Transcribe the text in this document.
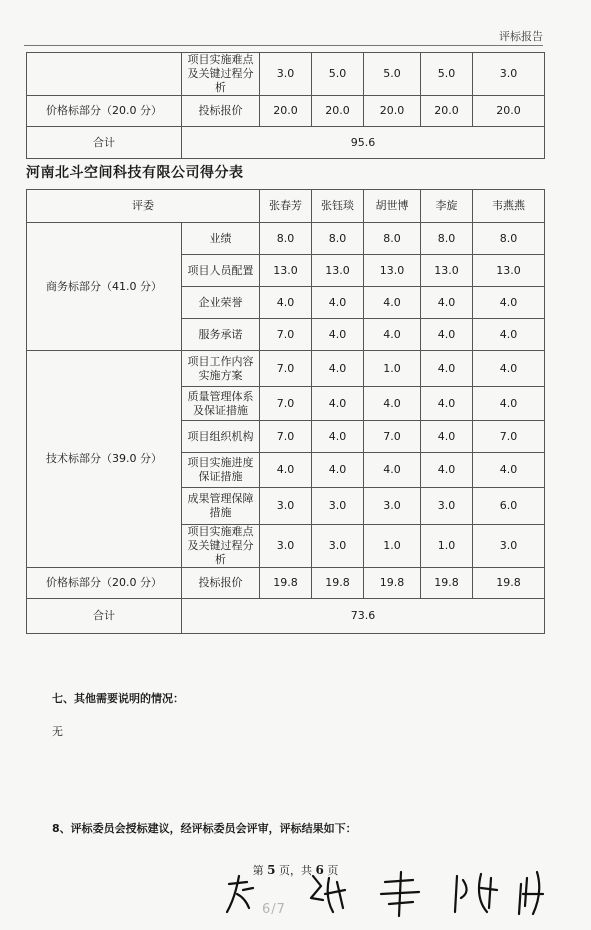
评标报告
	项目实施难点及关键过程分析	3.0	5.0	5.0	5.0	3.0
价格标部分（20.0 分）	投标报价	20.0	20.0	20.0	20.0	20.0
合计	95.6					
河南北斗空间科技有限公司得分表
评委		张春芳	张钰琰	胡世博	李旋	韦燕燕
商务标部分（41.0 分）	业绩	8.0	8.0	8.0	8.0	8.0
	项目人员配置	13.0	13.0	13.0	13.0	13.0
	企业荣誉	4.0	4.0	4.0	4.0	4.0
	服务承诺	7.0	4.0	4.0	4.0	4.0
技术标部分（39.0 分）	项目工作内容实施方案	7.0	4.0	1.0	4.0	4.0
	质量管理体系及保证措施	7.0	4.0	4.0	4.0	4.0
	项目组织机构	7.0	4.0	7.0	4.0	7.0
	项目实施进度保证措施	4.0	4.0	4.0	4.0	4.0
	成果管理保障措施	3.0	3.0	3.0	3.0	6.0
	项目实施难点及关键过程分析	3.0	3.0	1.0	1.0	3.0
价格标部分（20.0 分）	投标报价	19.8	19.8	19.8	19.8	19.8
合计	73.6					
七、其他需要说明的情况：
无
8、评标委员会授标建议，经评标委员会评审，评标结果如下：
第 5 页，共 6 页
6/7
